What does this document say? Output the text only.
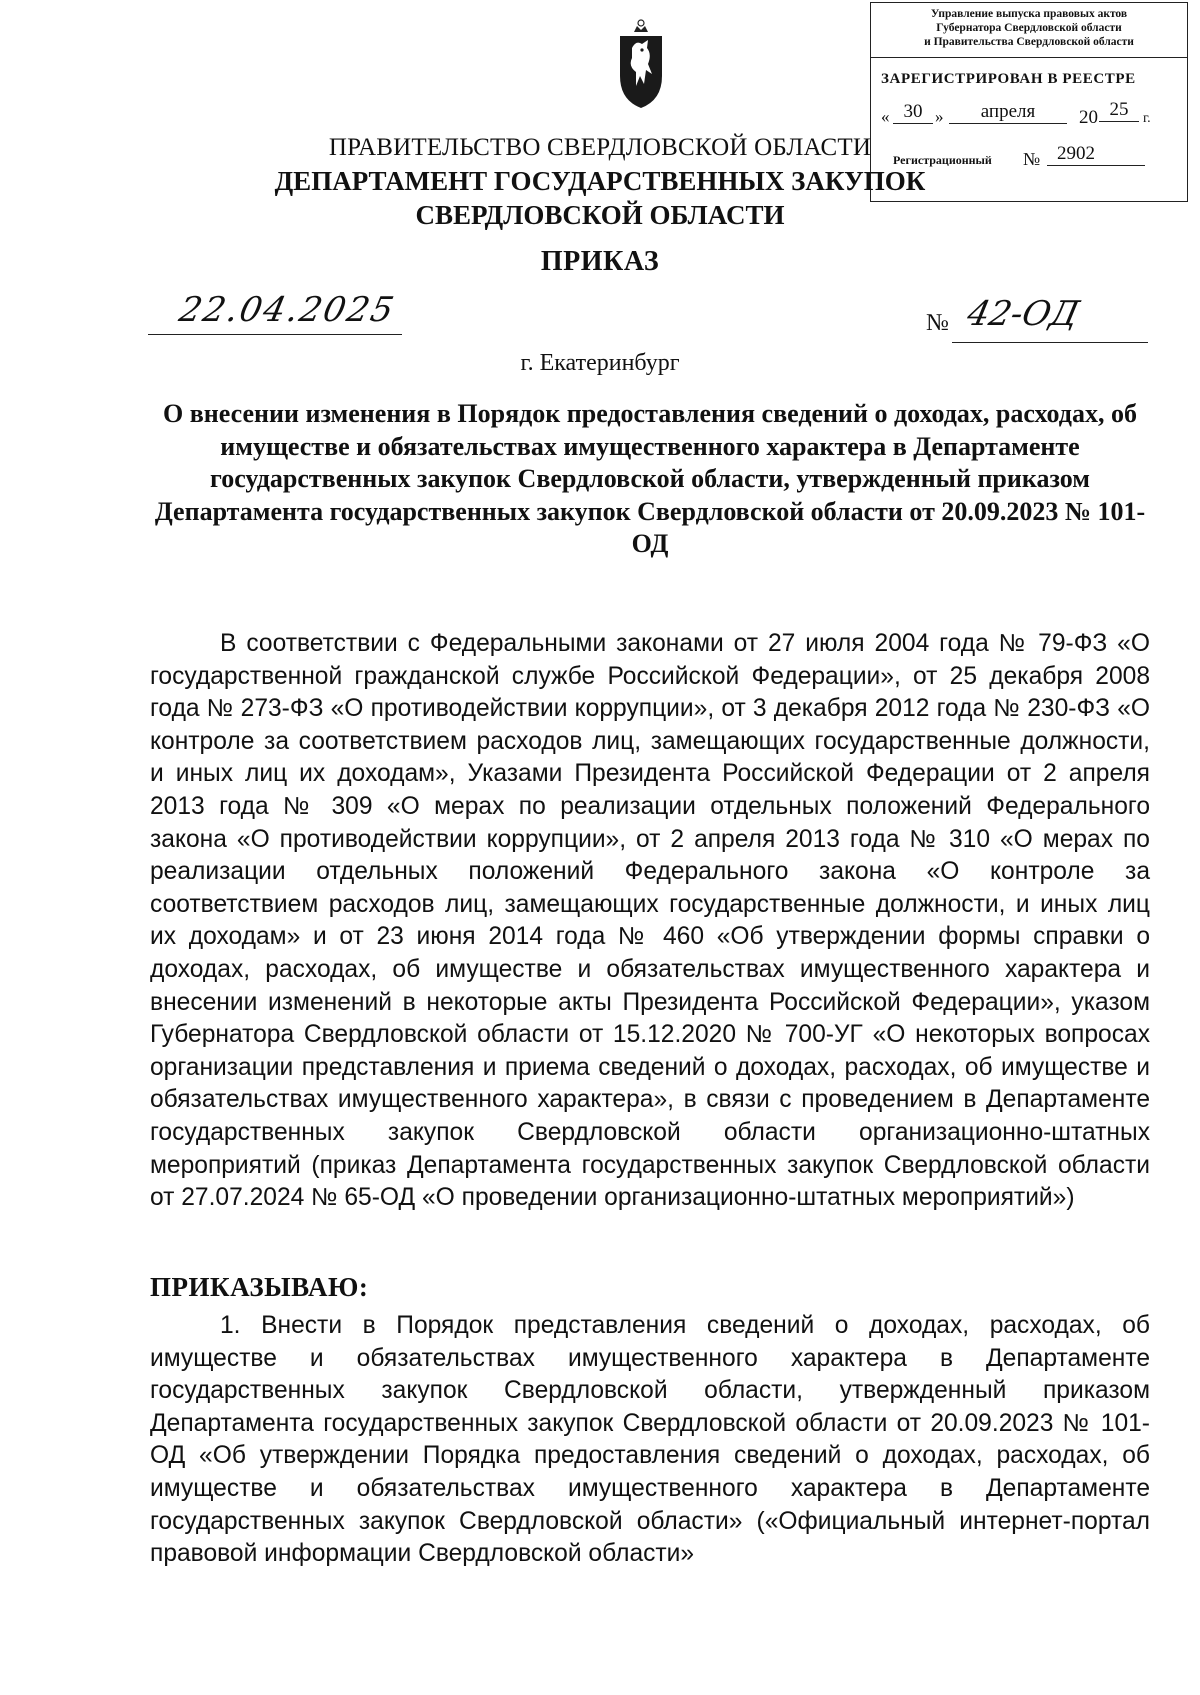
Управление выпуска правовых актов
Губернатора Свердловской области
и Правительства Свердловской области
ЗАРЕГИСТРИРОВАН В РЕЕСТРЕ
« 30 »	апреля	20 25	г.
Регистрационный № 2902
ПРАВИТЕЛЬСТВО СВЕРДЛОВСКОЙ ОБЛАСТИ
ДЕПАРТАМЕНТ ГОСУДАРСТВЕННЫХ ЗАКУПОК
СВЕРДЛОВСКОЙ ОБЛАСТИ
ПРИКАЗ
22.04.2025	№ 42-ОД
г. Екатеринбург
О внесении изменения в Порядок предоставления сведений о доходах, расходах, об имуществе и обязательствах имущественного характера в Департаменте государственных закупок Свердловской области, утвержденный приказом Департамента государственных закупок Свердловской области от 20.09.2023 № 101-ОД
В соответствии с Федеральными законами от 27 июля 2004 года № 79-ФЗ «О государственной гражданской службе Российской Федерации», от 25 декабря 2008 года № 273-ФЗ «О противодействии коррупции», от 3 декабря 2012 года № 230-ФЗ «О контроле за соответствием расходов лиц, замещающих государственные должности, и иных лиц их доходам», Указами Президента Российской Федерации от 2 апреля 2013 года № 309 «О мерах по реализации отдельных положений Федерального закона «О противодействии коррупции», от 2 апреля 2013 года № 310 «О мерах по реализации отдельных положений Федерального закона «О контроле за соответствием расходов лиц, замещающих государственные должности, и иных лиц их доходам» и от 23 июня 2014 года № 460 «Об утверждении формы справки о доходах, расходах, об имуществе и обязательствах имущественного характера и внесении изменений в некоторые акты Президента Российской Федерации», указом Губернатора Свердловской области от 15.12.2020 № 700-УГ «О некоторых вопросах организации представления и приема сведений о доходах, расходах, об имуществе и обязательствах имущественного характера», в связи с проведением в Департаменте государственных закупок Свердловской области организационно-штатных мероприятий (приказ Департамента государственных закупок Свердловской области от 27.07.2024 № 65-ОД «О проведении организационно-штатных мероприятий»)
ПРИКАЗЫВАЮ:
1. Внести в Порядок представления сведений о доходах, расходах, об имуществе и обязательствах имущественного характера в Департаменте государственных закупок Свердловской области, утвержденный приказом Департамента государственных закупок Свердловской области от 20.09.2023 № 101-ОД «Об утверждении Порядка предоставления сведений о доходах, расходах, об имуществе и обязательствах имущественного характера в Департаменте государственных закупок Свердловской области» («Официальный интернет-портал правовой информации Свердловской области»
